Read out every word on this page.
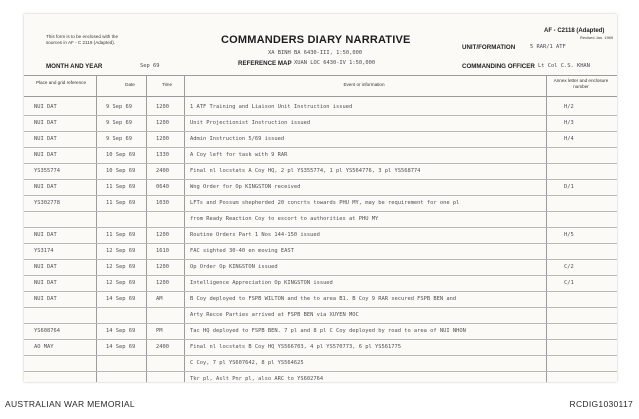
This form is to be enclosed with the
sources in AF - C 2119 (Adapted).	COMMANDERS DIARY NARRATIVE
AF - C2118 (Adapted)
Revised Jan. 1969
XA BINH BA 6430-III, 1:50,000
REFERENCE MAP XUAN LOC 6430-IV 1:50,000
UNIT/FORMATION	5 RAR/1 ATF
MONTH AND YEAR	Sep 69	COMMANDING OFFICER Lt Col C.S. KHAN
Place and grid reference	Date	Time	Event or information
Annex letter and enclosure number
NUI DAT	9 Sep 69	1200	1 ATF Training and Liaison Unit Instruction issued	H/2
NUI DAT	9 Sep 69	1200	Unit Projectionist Instruction issued	H/3
NUI DAT	9 Sep 69	1200	Admin Instruction 5/69 issued	H/4
NUI DAT	10 Sep 69	1330	A Coy left for task with 9 RAR
YS355774	10 Sep 69	2400	Final nl locstats A Coy HQ, 2 pl YS355774, 1 pl YS564776, 3 pl YS568774
NUI DAT	11 Sep 69	0640	Wng Order for Op KINGSTON received	D/1
YS302778	11 Sep 69	1030	LFTs and Possum shepherded 20 concrts towards PHU MY, may be requirement for one pl
from Ready Reaction Coy to escort to authorities at PHU MY
NUI DAT	11 Sep 69	1200	Routine Orders Part 1 Nos 144-150 issued	H/5
YS3174	12 Sep 69	1610	FAC sighted 30-40 en moving EAST
NUI DAT	12 Sep 69	1200	Op Order Op KINGSTON issued	C/2
NUI DAT	12 Sep 69	1200	Intelligence Appreciation Op KINGSTON issued	C/1
NUI DAT	14 Sep 69	AM	B Coy deployed to FSPB WILTON and the to area B1. B Coy 9 RAR secured FSPB BEN and
Arty Recce Parties arrived at FSPB BEN via XUYEN MOC
YS608764	14 Sep 69	PM	Tac HQ deployed to FSPB BEN. 7 pl and 8 pl C Coy deployed by road to area of NUI NHON
AO MAY	14 Sep 69	2400	Final nl locstats B Coy HQ YS566703, 4 pl YS570773, 6 pl YS561775
C Coy, 7 pl YS607642, 8 pl YS564625
Tkr pl, Aslt Pnr pl, also ARC to YS602764
AUSTRALIAN WAR MEMORIAL	RCDIG1030117
